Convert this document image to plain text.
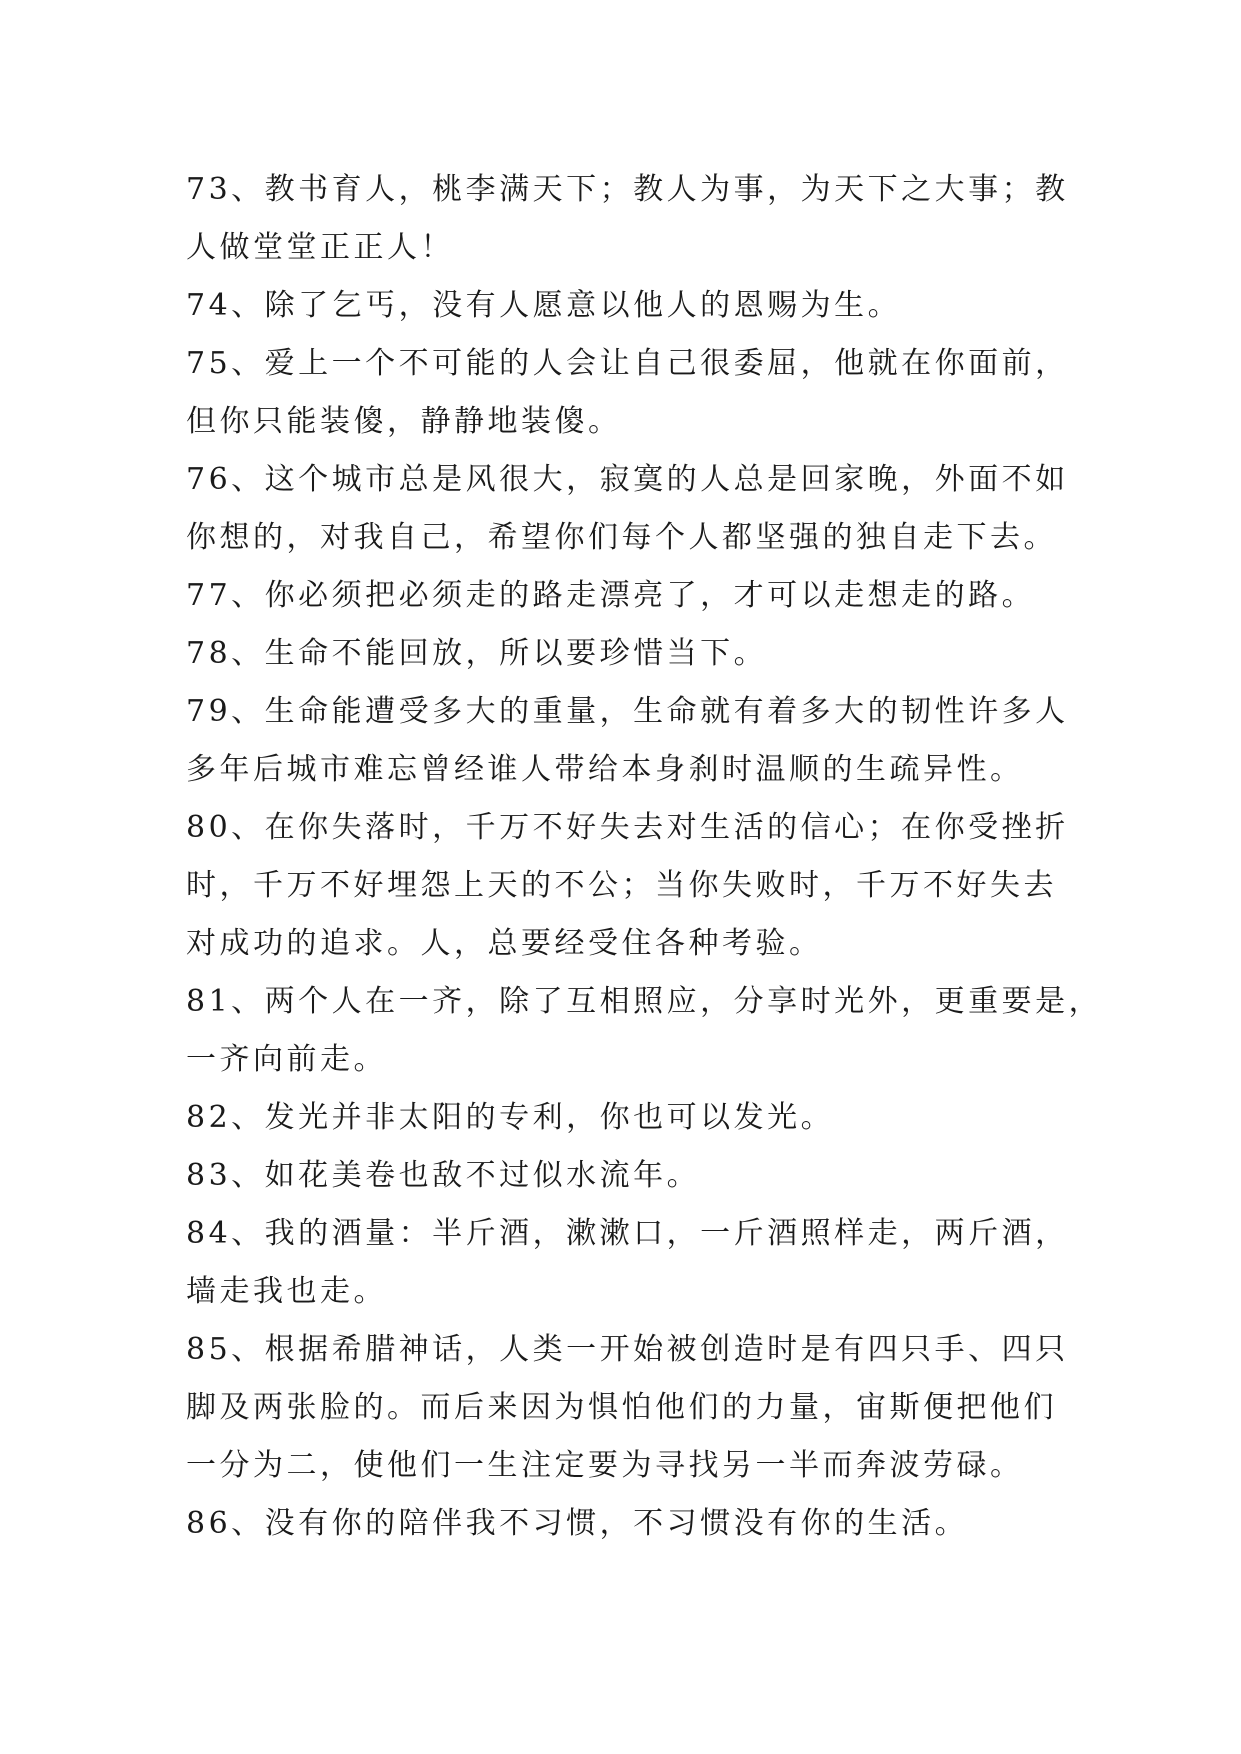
73、教书育人，桃李满天下；教人为事，为天下之大事；教
人做堂堂正正人！
74、除了乞丐，没有人愿意以他人的恩赐为生。
75、爱上一个不可能的人会让自己很委屈，他就在你面前，
但你只能装傻，静静地装傻。
76、这个城市总是风很大，寂寞的人总是回家晚，外面不如
你想的，对我自己，希望你们每个人都坚强的独自走下去。
77、你必须把必须走的路走漂亮了，才可以走想走的路。
78、生命不能回放，所以要珍惜当下。
79、生命能遭受多大的重量，生命就有着多大的韧性许多人
多年后城市难忘曾经谁人带给本身刹时温顺的生疏异性。
80、在你失落时，千万不好失去对生活的信心；在你受挫折
时，千万不好埋怨上天的不公；当你失败时，千万不好失去
对成功的追求。人，总要经受住各种考验。
81、两个人在一齐，除了互相照应，分享时光外，更重要是，
一齐向前走。
82、发光并非太阳的专利，你也可以发光。
83、如花美卷也敌不过似水流年。
84、我的酒量：半斤酒，漱漱口，一斤酒照样走，两斤酒，
墙走我也走。
85、根据希腊神话，人类一开始被创造时是有四只手、四只
脚及两张脸的。而后来因为惧怕他们的力量，宙斯便把他们
一分为二，使他们一生注定要为寻找另一半而奔波劳碌。
86、没有你的陪伴我不习惯，不习惯没有你的生活。
